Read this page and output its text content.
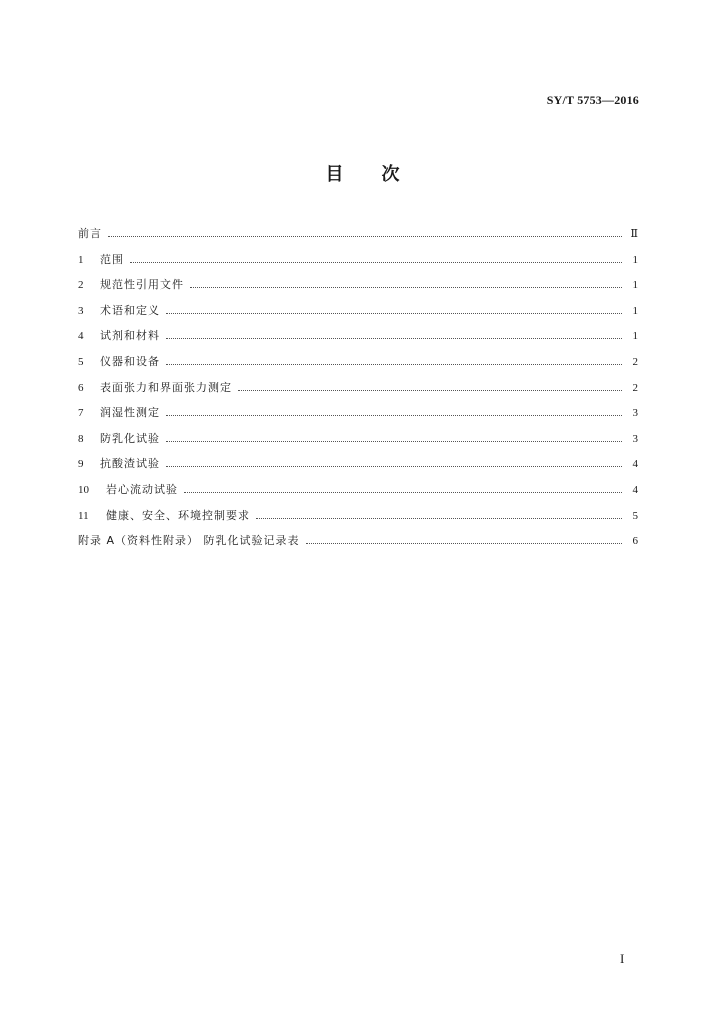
SY/T 5753—2016
目 次
前言	Ⅱ
1	范围	1
2	规范性引用文件	1
3	术语和定义	1
4	试剂和材料	1
5	仪器和设备	2
6	表面张力和界面张力测定	2
7	润湿性测定	3
8	防乳化试验	3
9	抗酸渣试验	4
10	岩心流动试验	4
11	健康、安全、环境控制要求	5
附录 A（资料性附录） 防乳化试验记录表	6
I
